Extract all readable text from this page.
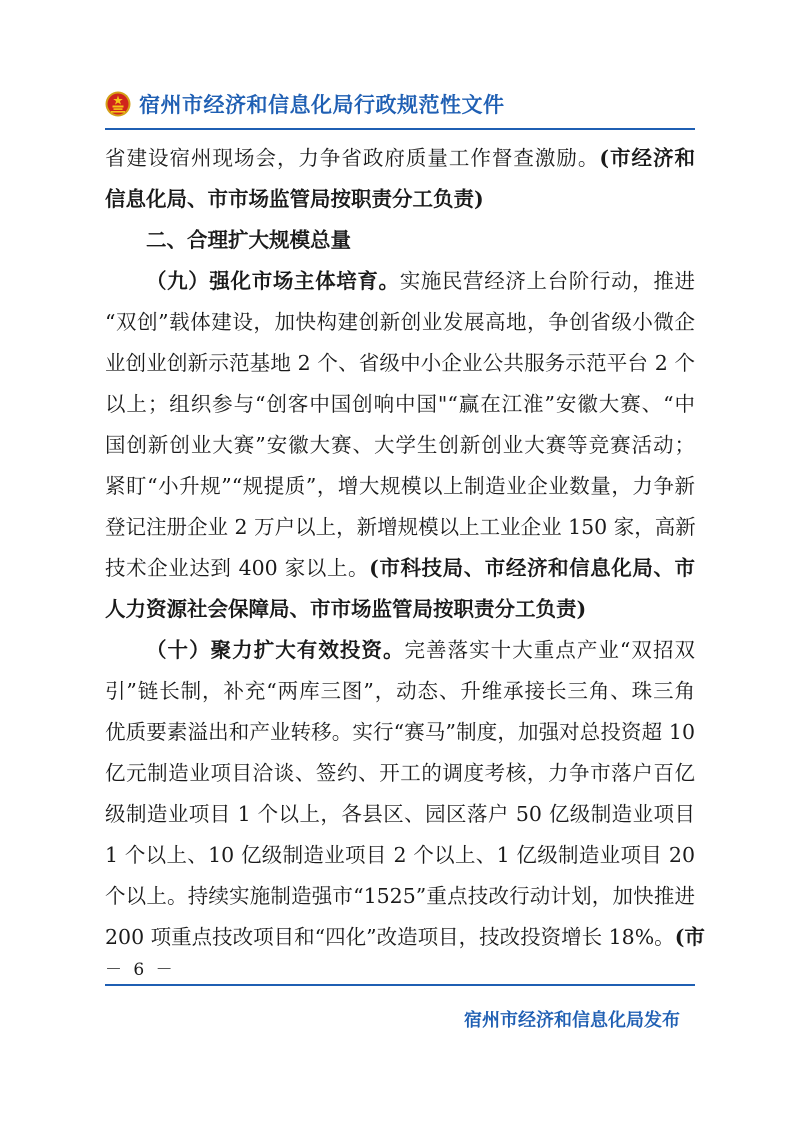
宿州市经济和信息化局行政规范性文件
省建设宿州现场会，力争省政府质量工作督查激励。(市经济和
信息化局、市市场监管局按职责分工负责)
二、合理扩大规模总量
（九）强化市场主体培育。实施民营经济上台阶行动，推进
“双创”载体建设，加快构建创新创业发展高地，争创省级小微企
业创业创新示范基地 2 个、省级中小企业公共服务示范平台 2 个
以上；组织参与“创客中国创响中国"“赢在江淮”安徽大赛、“中
国创新创业大赛”安徽大赛、大学生创新创业大赛等竞赛活动；
紧盯“小升规”“规提质”，增大规模以上制造业企业数量，力争新
登记注册企业 2 万户以上，新增规模以上工业企业 150 家，高新
技术企业达到 400 家以上。(市科技局、市经济和信息化局、市
人力资源社会保障局、市市场监管局按职责分工负责)
（十）聚力扩大有效投资。完善落实十大重点产业“双招双
引”链长制，补充“两库三图”，动态、升维承接长三角、珠三角
优质要素溢出和产业转移。实行“赛马”制度，加强对总投资超 10
亿元制造业项目洽谈、签约、开工的调度考核，力争市落户百亿
级制造业项目 1 个以上，各县区、园区落户 50 亿级制造业项目
1 个以上、10 亿级制造业项目 2 个以上、1 亿级制造业项目 20
个以上。持续实施制造强市“1525”重点技改行动计划，加快推进
200 项重点技改项目和“四化”改造项目，技改投资增长 18%。(市
－ 6 －
宿州市经济和信息化局发布
